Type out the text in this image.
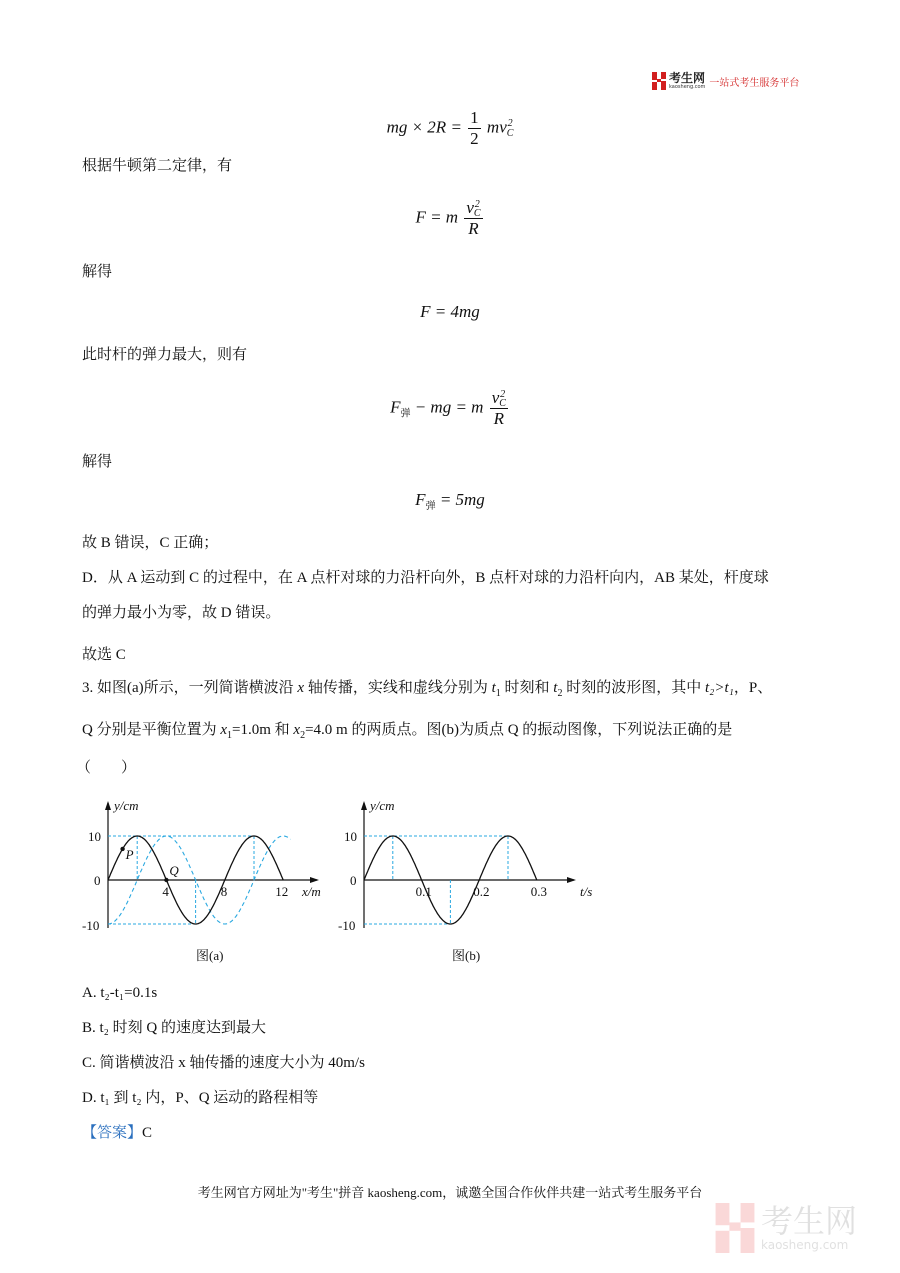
考生网
kaosheng.com 一站式考生服务平台
mg × $2R = \frac{1}{2}$ mv 2
C
根据牛顿第二定律，有
F = m v 2
C
R
解得
F = 4mg
此时杆的弹力最大，则有
$F_弹$ − mg = m v 2
C
R
解得
$F_弹 = 5mg$
故 B 错误，C 正确；
D．从 A 运动到 C 的过程中，在 A 点杆对球的力沿杆向外，B 点杆对球的力沿杆向内，AB 某处，杆度球
的弹力最小为零，故 D 错误。
故选 C
3. 如图(a)所示，一列简谐横波沿 x 轴传播，实线和虚线分别为 $t_1$ 时刻和 $t_2$ 时刻的波形图，其中 t₂>t₁，P、
Q 分别是平衡位置为 $x_1=1.0m$ 和 $x_2=4.0$ m 的两质点。图(b)为质点 Q 的振动图像，下列说法正确的是
（　　）
y/cm
10
0
-10
4	8	12 x/m
P
Q
图(a)
y/cm
10
0
-10
0.1	0.2	0.3	t/s
图(b)
A. t₂-t₁=0.1s
B. t₂ 时刻 Q 的速度达到最大
C. 简谐横波沿 x 轴传播的速度大小为 40m/s
D. t₁ 到 t₂ 内，P、Q 运动的路程相等
【答案】C
考生网官方网址为"考生"拼音 kaosheng.com，诚邀全国合作伙伴共建一站式考生服务平台
考生网
kaosheng.com
